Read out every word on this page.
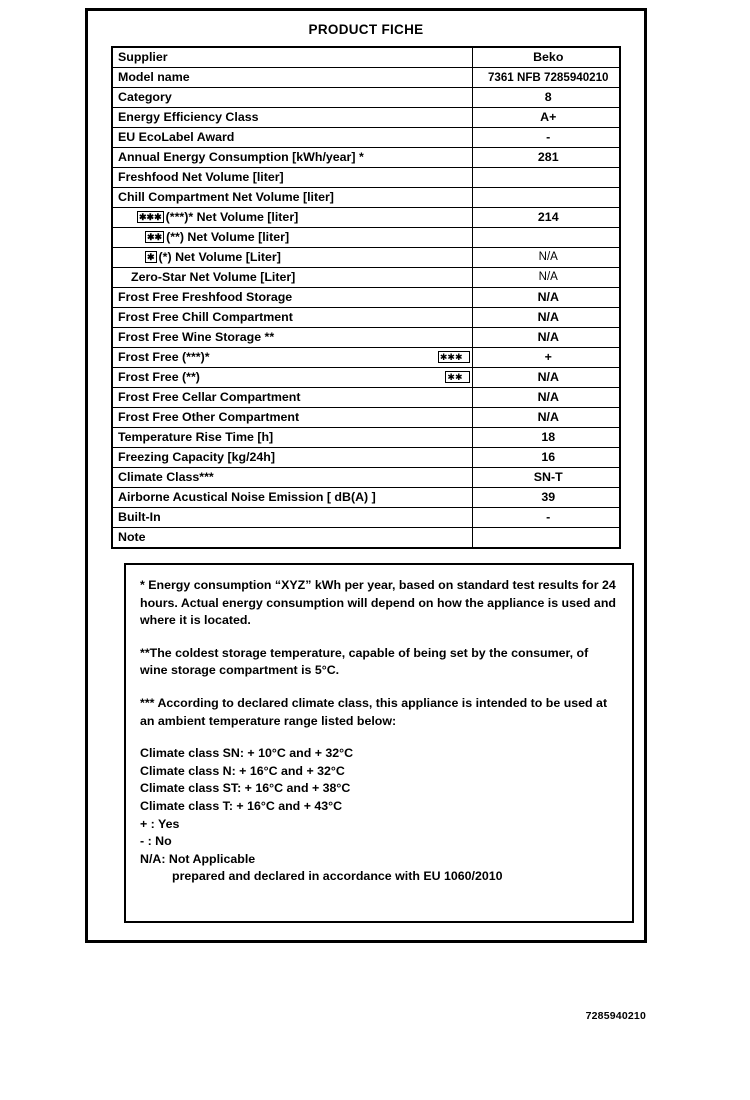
PRODUCT FICHE
Supplier	Beko
Model name	7361 NFB 7285940210
Category	8
Energy Efficiency Class	A+
EU EcoLabel Award	-
Annual Energy Consumption [kWh/year] *	281
Freshfood Net Volume [liter]	
Chill Compartment Net Volume [liter]	
✱✱✱ (***)* Net Volume [liter]	214
✱✱ (**) Net Volume [liter]	
✱ (*) Net Volume [Liter]	N/A
Zero-Star Net Volume [Liter]	N/A
Frost Free Freshfood Storage	N/A
Frost Free Chill Compartment	N/A
Frost Free Wine Storage **	N/A

Frost Free (***)* ✱✱✱	+

Frost Free (**) ✱✱	N/A
Frost Free Cellar Compartment	N/A
Frost Free Other Compartment	N/A
Temperature Rise Time [h]	18
Freezing Capacity [kg/24h]	16
Climate Class***	SN-T
Airborne Acustical Noise Emission [ dB(A) ]	39
Built-In	-
Note	

* Energy consumption “XYZ” kWh per year, based on standard test results for 24 hours. Actual energy consumption will depend on how the appliance is used and where it is located.

**The coldest storage temperature, capable of being set by the consumer, of wine storage compartment is 5°C.

*** According to declared climate class, this appliance is intended to be used at an ambient temperature range listed below:

Climate class SN: + 10°C and + 32°C

Climate class N: + 16°C and + 32°C

Climate class ST: + 16°C and + 38°C

Climate class T: + 16°C and + 43°C

+ : Yes

- : No

N/A: Not Applicable

prepared and declared in accordance with EU 1060/2010

7285940210
